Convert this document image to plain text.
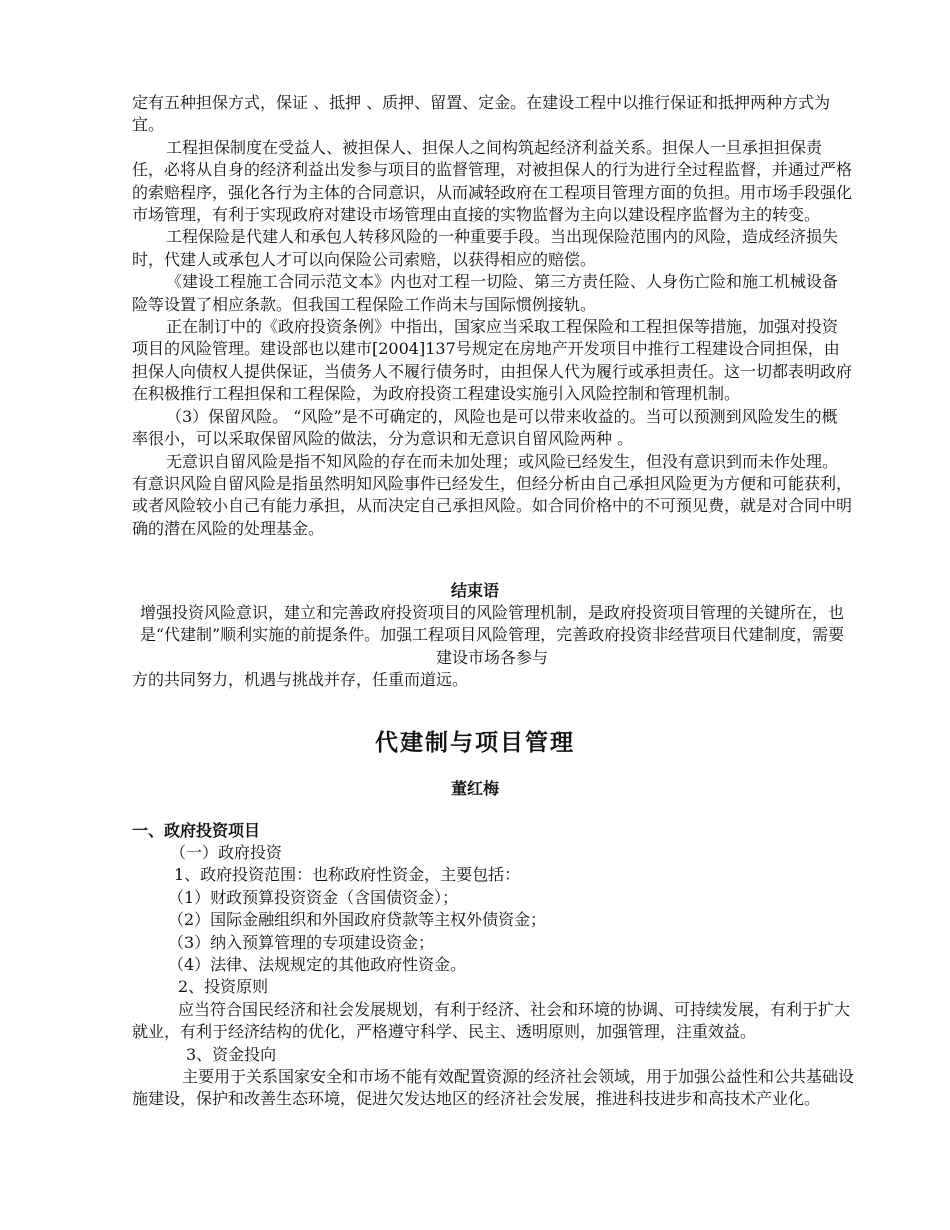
定有五种担保方式，保证 、抵押 、质押、留置、定金。在建设工程中以推行保证和抵押两种方式为宜。

工程担保制度在受益人、被担保人、担保人之间构筑起经济利益关系。担保人一旦承担担保责任，必将从自身的经济利益出发参与项目的监督管理，对被担保人的行为进行全过程监督，并通过严格的索赔程序，强化各行为主体的合同意识，从而减轻政府在工程项目管理方面的负担。用市场手段强化市场管理，有利于实现政府对建设市场管理由直接的实物监督为主向以建设程序监督为主的转变。

工程保险是代建人和承包人转移风险的一种重要手段。当出现保险范围内的风险，造成经济损失时，代建人或承包人才可以向保险公司索赔，以获得相应的赔偿。

《建设工程施工合同示范文本》内也对工程一切险、第三方责任险、人身伤亡险和施工机械设备险等设置了相应条款。但我国工程保险工作尚未与国际惯例接轨。

正在制订中的《政府投资条例》中指出，国家应当采取工程保险和工程担保等措施，加强对投资项目的风险管理。建设部也以建市[2004]137号规定在房地产开发项目中推行工程建设合同担保，由担保人向债权人提供保证，当债务人不履行债务时，由担保人代为履行或承担责任。这一切都表明政府在积极推行工程担保和工程保险，为政府投资工程建设实施引入风险控制和管理机制。

（3）保留风险。 “风险”是不可确定的，风险也是可以带来收益的。当可以预测到风险发生的概率很小，可以采取保留风险的做法，分为意识和无意识自留风险两种 。

无意识自留风险是指不知风险的存在而未加处理；或风险已经发生，但没有意识到而未作处理。有意识风险自留风险是指虽然明知风险事件已经发生，但经分析由自己承担风险更为方便和可能获利，或者风险较小自己有能力承担，从而决定自己承担风险。如合同价格中的不可预见费，就是对合同中明确的潜在风险的处理基金。

结束语

增强投资风险意识，建立和完善政府投资项目的风险管理机制，是政府投资项目管理的关键所在，也是“代建制”顺利实施的前提条件。加强工程项目风险管理，完善政府投资非经营项目代建制度，需要建设市场各参与

方的共同努力，机遇与挑战并存，任重而道远。

代建制与项目管理
董红梅
一、政府投资项目

（一）政府投资

1、政府投资范围：也称政府性资金，主要包括：

（1）财政预算投资资金（含国债资金）；

（2）国际金融组织和外国政府贷款等主权外债资金；

（3）纳入预算管理的专项建设资金；

（4）法律、法规规定的其他政府性资金。

2、投资原则

应当符合国民经济和社会发展规划，有利于经济、社会和环境的协调、可持续发展，有利于扩大就业，有利于经济结构的优化，严格遵守科学、民主、透明原则，加强管理，注重效益。

3、资金投向

主要用于关系国家安全和市场不能有效配置资源的经济社会领域，用于加强公益性和公共基础设施建设，保护和改善生态环境，促进欠发达地区的经济社会发展，推进科技进步和高技术产业化。
